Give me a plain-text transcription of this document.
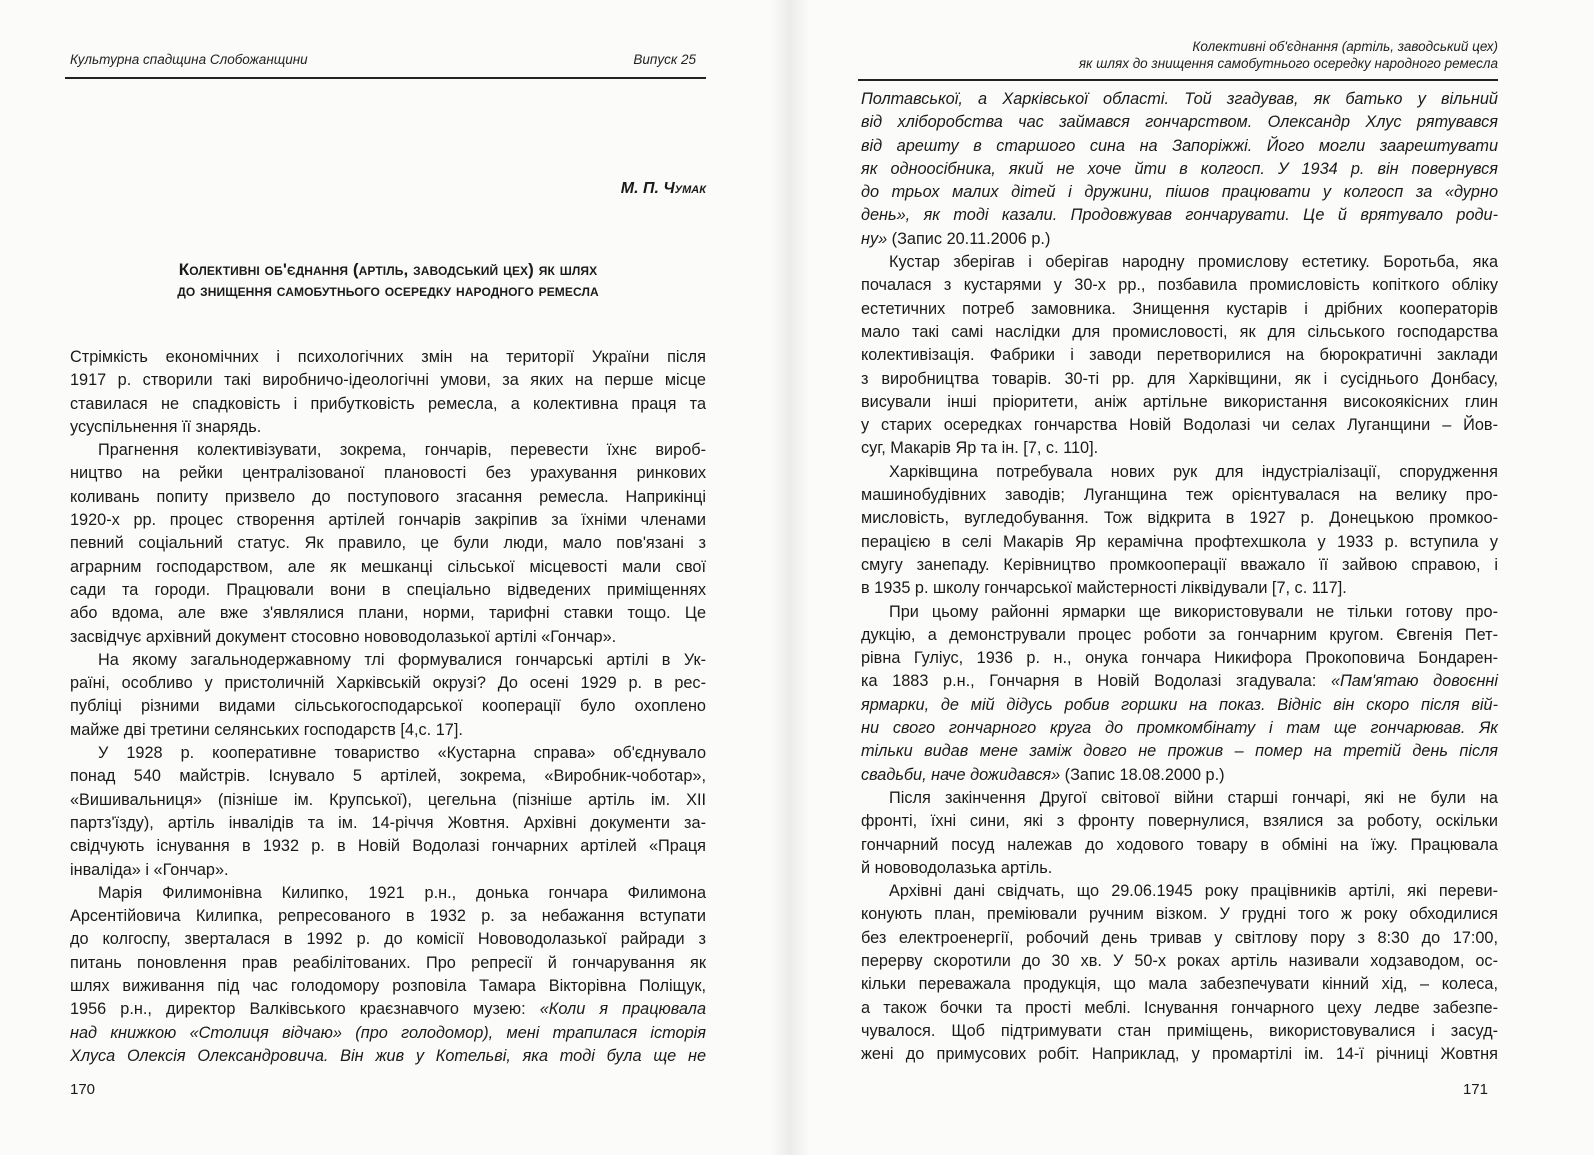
Культурна спадщина Слобожанщини	Випуск 25
М. П. Чумак
Колективні об'єднання (артіль, заводський цех) як шлях
до знищення самобутнього осередку народного ремесла
Стрімкість економічних і психологічних змін на території України після
1917 р. створили такі виробничо-ідеологічні умови, за яких на перше місце
ставилася не спадковість і прибутковість ремесла, а колективна праця та
усуспільнення її знарядь.
Прагнення колективізувати, зокрема, гончарів, перевести їхнє вироб-
ництво на рейки централізованої плановості без урахування ринкових
коливань попиту призвело до поступового згасання ремесла. Наприкінці
1920-х рр. процес створення артілей гончарів закріпив за їхніми членами
певний соціальний статус. Як правило, це були люди, мало пов'язані з
аграрним господарством, але як мешканці сільської місцевості мали свої
сади та городи. Працювали вони в спеціально відведених приміщеннях
або вдома, але вже з'являлися плани, норми, тарифні ставки тощо. Це
засвідчує архівний документ стосовно нововодолазької артілі «Гончар».
На якому загальнодержавному тлі формувалися гончарські артілі в Ук-
раїні, особливо у пристоличній Харківській окрузі? До осені 1929 р. в рес-
публіці різними видами сільськогосподарської кооперації було охоплено
майже дві третини селянських господарств [4,с. 17].
У 1928 р. кооперативне товариство «Кустарна справа» об'єднувало
понад 540 майстрів. Існувало 5 артілей, зокрема, «Виробник-чоботар»,
«Вишивальниця» (пізніше ім. Крупської), цегельна (пізніше артіль ім. XII
партз'їзду), артіль інвалідів та ім. 14-річчя Жовтня. Архівні документи за-
свідчують існування в 1932 р. в Новій Водолазі гончарних артілей «Праця
інваліда» і «Гончар».
Марія Филимонівна Килипко, 1921 р.н., донька гончара Филимона
Арсентійовича Килипка, репресованого в 1932 р. за небажання вступати
до колгоспу, зверталася в 1992 р. до комісії Нововодолазької райради з
питань поновлення прав реабілітованих. Про репресії й гончарування як
шлях виживання під час голодомору розповіла Тамара Вікторівна Поліщук,
1956 р.н., директор Валківського краєзнавчого музею: «Коли я працювала
над книжкою «Столиця відчаю» (про голодомор), мені трапилася історія
Хлуса Олексія Олександровича. Він жив у Котельві, яка тоді була ще не
170
Колективні об'єднання (артіль, заводський цех)
як шлях до знищення самобутнього осередку народного ремесла
Полтавської, а Харківської області. Той згадував, як батько у вільний
від хліборобства час займався гончарством. Олександр Хлус рятувався
від арешту в старшого сина на Запоріжжі. Його могли заарештувати
як одноосібника, який не хоче йти в колгосп. У 1934 р. він повернувся
до трьох малих дітей і дружини, пішов працювати у колгосп за «дурно
день», як тоді казали. Продовжував гончарувати. Це й врятувало роди-
ну» (Запис 20.11.2006 р.)
Кустар зберігав і оберігав народну промислову естетику. Боротьба, яка
почалася з кустарями у 30-х рр., позбавила промисловість копіткого обліку
естетичних потреб замовника. Знищення кустарів і дрібних кооператорів
мало такі самі наслідки для промисловості, як для сільського господарства
колективізація. Фабрики і заводи перетворилися на бюрократичні заклади
з виробництва товарів. 30-ті рр. для Харківщини, як і сусіднього Донбасу,
висували інші пріоритети, аніж артільне використання високоякісних глин
у старих осередках гончарства Новій Водолазі чи селах Луганщини – Йов-
суг, Макарів Яр та ін. [7, с. 110].
Харківщина потребувала нових рук для індустріалізації, спорудження
машинобудівних заводів; Луганщина теж орієнтувалася на велику про-
мисловість, вугледобування. Тож відкрита в 1927 р. Донецькою промкоо-
перацією в селі Макарів Яр керамічна профтехшкола у 1933 р. вступила у
смугу занепаду. Керівництво промкооперації вважало її зайвою справою, і
в 1935 р. школу гончарської майстерності ліквідували [7, с. 117].
При цьому районні ярмарки ще використовували не тільки готову про-
дукцію, а демонстрували процес роботи за гончарним кругом. Євгенія Пет-
рівна Гуліус, 1936 р. н., онука гончара Никифора Прокоповича Бондарен-
ка 1883 р.н., Гончарня в Новій Водолазі згадувала: «Пам'ятаю довоєнні
ярмарки, де мій дідусь робив горшки на показ. Відніс він скоро після вій-
ни свого гончарного круга до промкомбінату і там ще гончарював. Як
тільки видав мене заміж довго не прожив – помер на третій день після
свадьби, наче дожидався» (Запис 18.08.2000 р.)
Після закінчення Другої світової війни старші гончарі, які не були на
фронті, їхні сини, які з фронту повернулися, взялися за роботу, оскільки
гончарний посуд належав до ходового товару в обміні на їжу. Працювала
й нововодолазька артіль.
Архівні дані свідчать, що 29.06.1945 року працівників артілі, які переви-
конують план, преміювали ручним візком. У грудні того ж року обходилися
без електроенергії, робочий день тривав у світлову пору з 8:30 до 17:00,
перерву скоротили до 30 хв. У 50-х роках артіль називали ходзаводом, ос-
кільки переважала продукція, що мала забезпечувати кінний хід, – колеса,
а також бочки та прості меблі. Існування гончарного цеху ледве забезпе-
чувалося. Щоб підтримувати стан приміщень, використовувалися і засуд-
жені до примусових робіт. Наприклад, у промартілі ім. 14-ї річниці Жовтня
171
